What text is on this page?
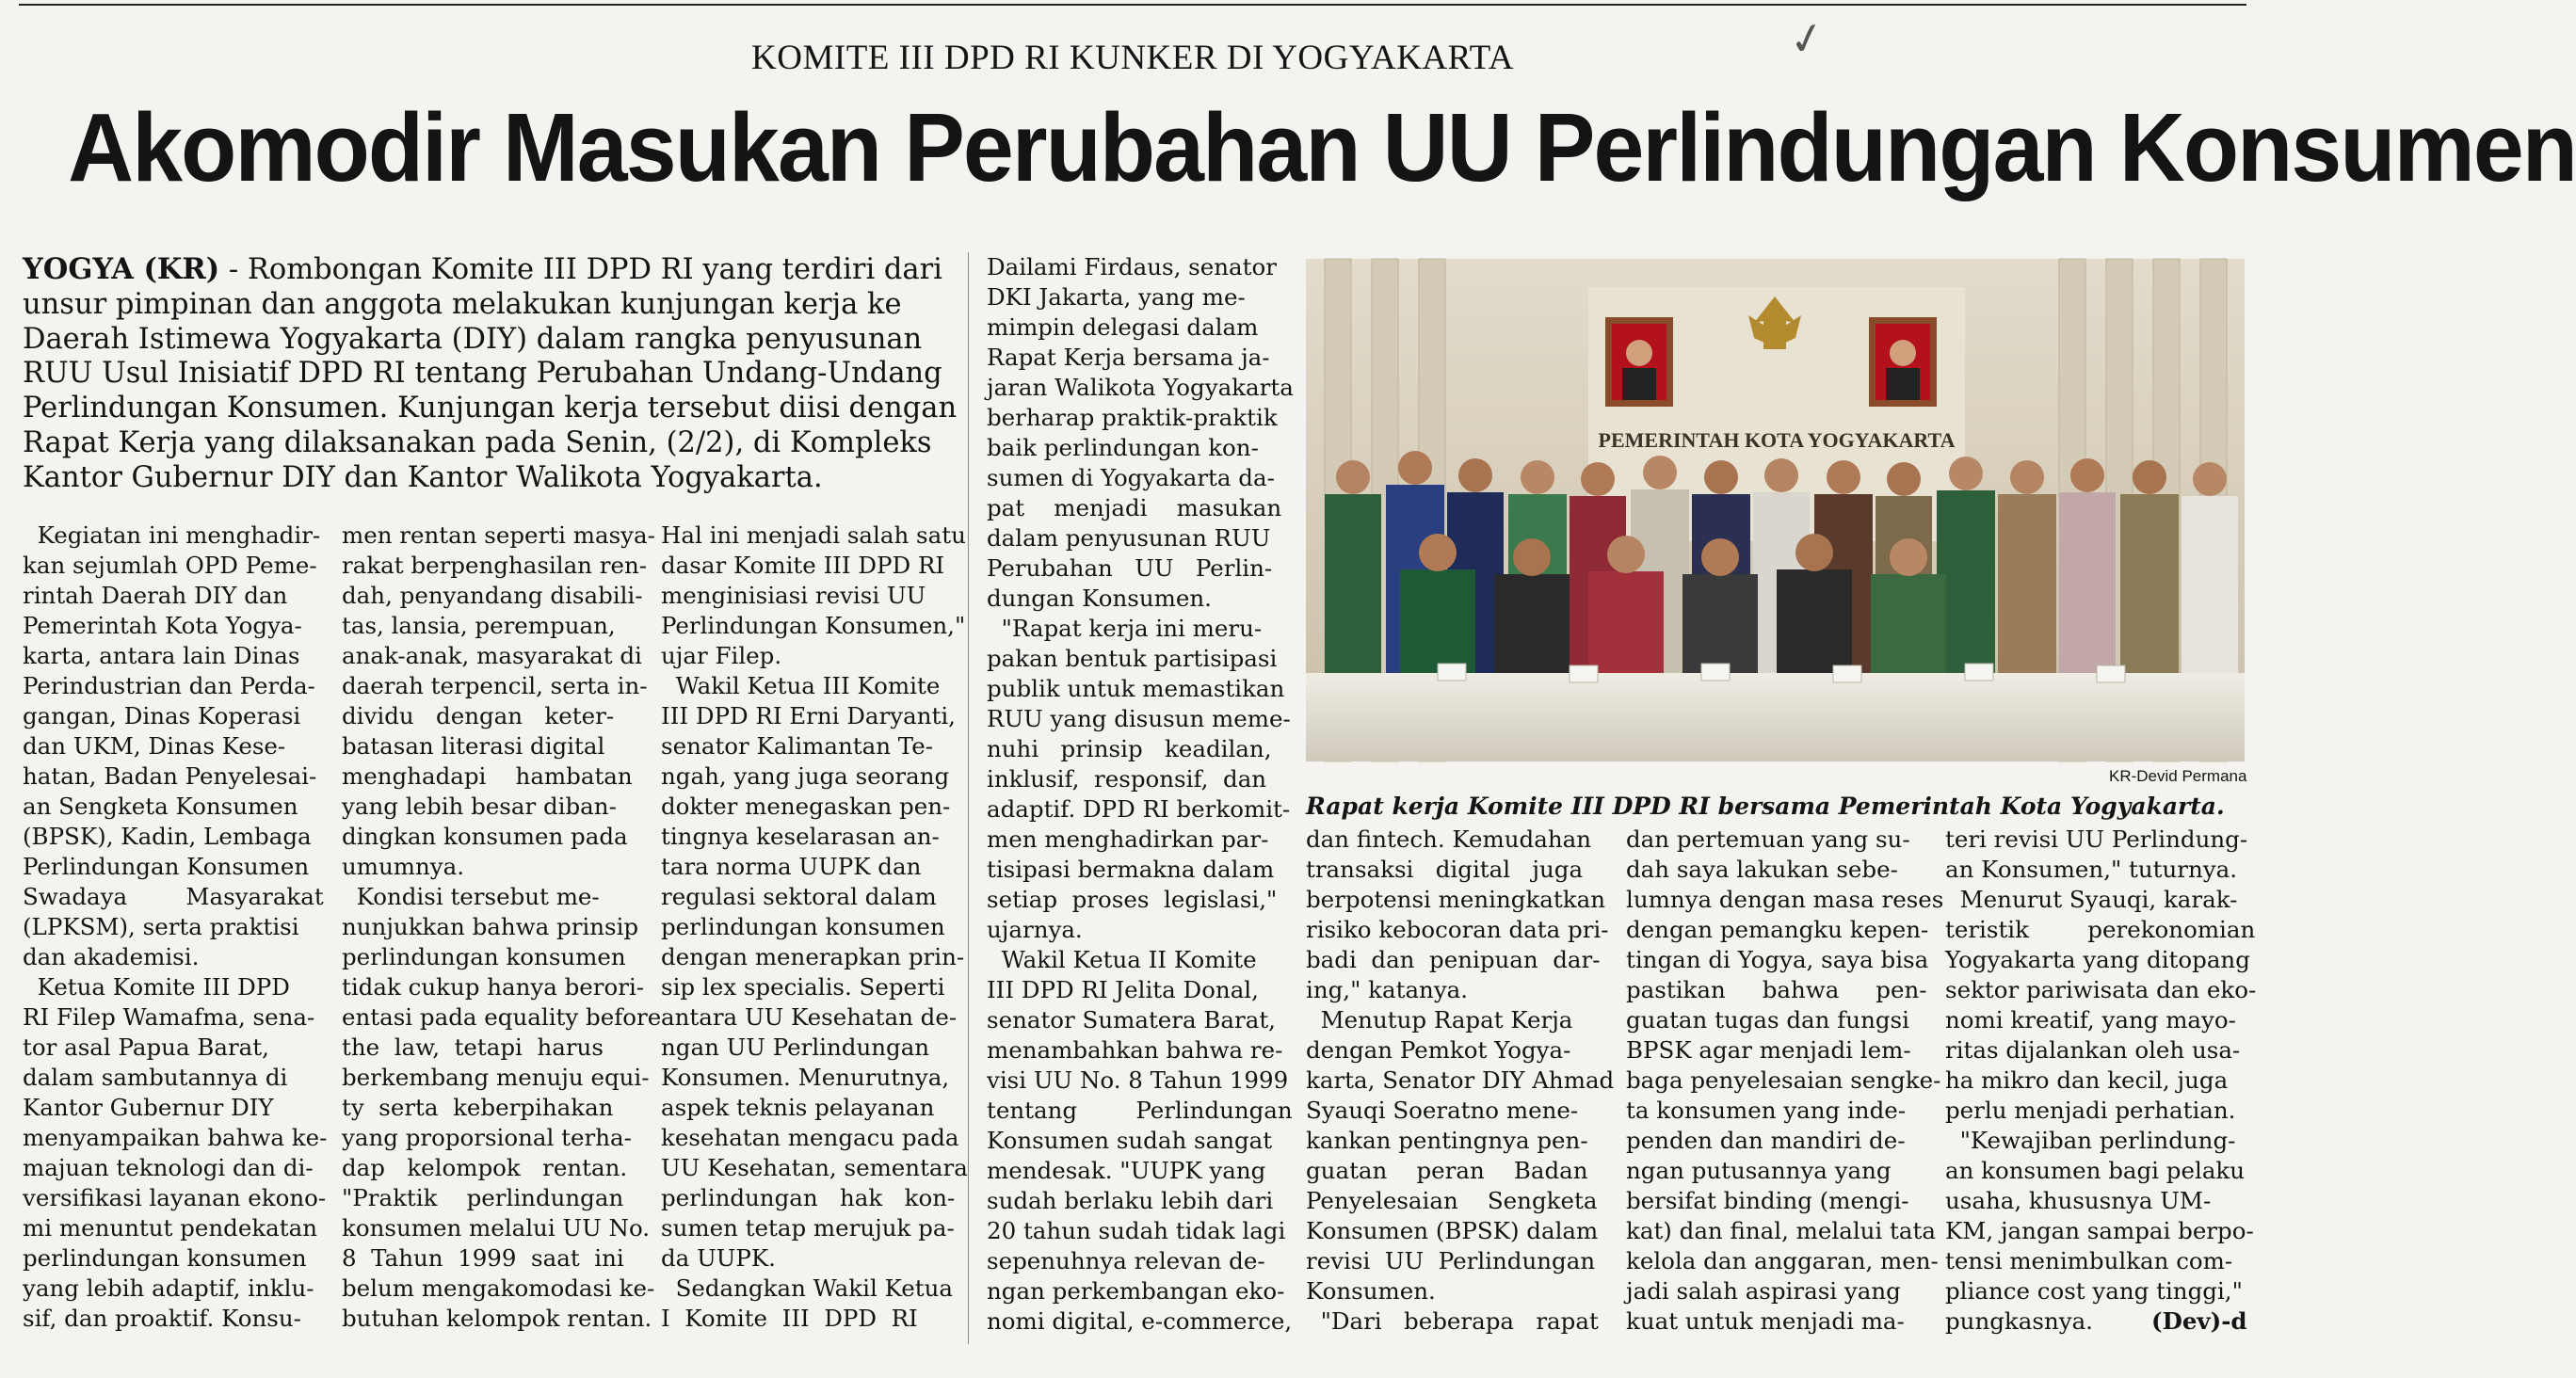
✓
KOMITE III DPD RI KUNKER DI YOGYAKARTA
Akomodir Masukan Perubahan UU Perlindungan Konsumen
YOGYA (KR) - Rombongan Komite III DPD RI yang terdiri dari
unsur pimpinan dan anggota melakukan kunjungan kerja ke
Daerah Istimewa Yogyakarta (DIY) dalam rangka penyusunan
RUU Usul Inisiatif DPD RI tentang Perubahan Undang-Undang
Perlindungan Konsumen. Kunjungan kerja tersebut diisi dengan
Rapat Kerja yang dilaksanakan pada Senin, (2/2), di Kompleks
Kantor Gubernur DIY dan Kantor Walikota Yogyakarta.
Kegiatan ini menghadir-
kan sejumlah OPD Peme-
rintah Daerah DIY dan
Pemerintah Kota Yogya-
karta, antara lain Dinas
Perindustrian dan Perda-
gangan, Dinas Koperasi
dan UKM, Dinas Kese-
hatan, Badan Penyelesai-
an Sengketa Konsumen
(BPSK), Kadin, Lembaga
Perlindungan Konsumen
Swadaya        Masyarakat
(LPKSM), serta praktisi
dan akademisi.
Ketua Komite III DPD
RI Filep Wamafma, sena-
tor asal Papua Barat,
dalam sambutannya di
Kantor Gubernur DIY
menyampaikan bahwa ke-
majuan teknologi dan di-
versifikasi layanan ekono-
mi menuntut pendekatan
perlindungan konsumen
yang lebih adaptif, inklu-
sif, dan proaktif. Konsu-
men rentan seperti masya-
rakat berpenghasilan ren-
dah, penyandang disabili-
tas, lansia, perempuan,
anak-anak, masyarakat di
daerah terpencil, serta in-
dividu   dengan   keter-
batasan literasi digital
menghadapi    hambatan
yang lebih besar diban-
dingkan konsumen pada
umumnya.
Kondisi tersebut me-
nunjukkan bahwa prinsip
perlindungan konsumen
tidak cukup hanya berori-
entasi pada equality before
the  law,  tetapi  harus
berkembang menuju equi-
ty  serta  keberpihakan
yang proporsional terha-
dap   kelompok   rentan.
"Praktik    perlindungan
konsumen melalui UU No.
8  Tahun  1999  saat  ini
belum mengakomodasi ke-
butuhan kelompok rentan.
Hal ini menjadi salah satu
dasar Komite III DPD RI
menginisiasi revisi UU
Perlindungan Konsumen,"
ujar Filep.
Wakil Ketua III Komite
III DPD RI Erni Daryanti,
senator Kalimantan Te-
ngah, yang juga seorang
dokter menegaskan pen-
tingnya keselarasan an-
tara norma UUPK dan
regulasi sektoral dalam
perlindungan konsumen
dengan menerapkan prin-
sip lex specialis. Seperti
antara UU Kesehatan de-
ngan UU Perlindungan
Konsumen. Menurutnya,
aspek teknis pelayanan
kesehatan mengacu pada
UU Kesehatan, sementara
perlindungan   hak   kon-
sumen tetap merujuk pa-
da UUPK.
Sedangkan Wakil Ketua
I  Komite  III  DPD  RI
Dailami Firdaus, senator
DKI Jakarta, yang me-
mimpin delegasi dalam
Rapat Kerja bersama ja-
jaran Walikota Yogyakarta
berharap praktik-praktik
baik perlindungan kon-
sumen di Yogyakarta da-
pat    menjadi    masukan
dalam penyusunan RUU
Perubahan   UU   Perlin-
dungan Konsumen.
"Rapat kerja ini meru-
pakan bentuk partisipasi
publik untuk memastikan
RUU yang disusun meme-
nuhi   prinsip   keadilan,
inklusif,  responsif,  dan
adaptif. DPD RI berkomit-
men menghadirkan par-
tisipasi bermakna dalam
setiap  proses  legislasi,"
ujarnya.
Wakil Ketua II Komite
III DPD RI Jelita Donal,
senator Sumatera Barat,
menambahkan bahwa re-
visi UU No. 8 Tahun 1999
tentang        Perlindungan
Konsumen sudah sangat
mendesak. "UUPK yang
sudah berlaku lebih dari
20 tahun sudah tidak lagi
sepenuhnya relevan de-
ngan perkembangan eko-
nomi digital, e-commerce,
dan fintech. Kemudahan
transaksi   digital   juga
berpotensi meningkatkan
risiko kebocoran data pri-
badi  dan  penipuan  dar-
ing," katanya.
Menutup Rapat Kerja
dengan Pemkot Yogya-
karta, Senator DIY Ahmad
Syauqi Soeratno mene-
kankan pentingnya pen-
guatan    peran    Badan
Penyelesaian    Sengketa
Konsumen (BPSK) dalam
revisi  UU  Perlindungan
Konsumen.
"Dari   beberapa   rapat
dan pertemuan yang su-
dah saya lakukan sebe-
lumnya dengan masa reses
dengan pemangku kepen-
tingan di Yogya, saya bisa
pastikan     bahwa     pen-
guatan tugas dan fungsi
BPSK agar menjadi lem-
baga penyelesaian sengke-
ta konsumen yang inde-
penden dan mandiri de-
ngan putusannya yang
bersifat binding (mengi-
kat) dan final, melalui tata
kelola dan anggaran, men-
jadi salah aspirasi yang
kuat untuk menjadi ma-
teri revisi UU Perlindung-
an Konsumen," tuturnya.
Menurut Syauqi, karak-
teristik        perekonomian
Yogyakarta yang ditopang
sektor pariwisata dan eko-
nomi kreatif, yang mayo-
ritas dijalankan oleh usa-
ha mikro dan kecil, juga
perlu menjadi perhatian.
"Kewajiban perlindung-
an konsumen bagi pelaku
usaha, khususnya UM-
KM, jangan sampai berpo-
tensi menimbulkan com-
pliance cost yang tinggi,"
pungkasnya.	(Dev)-d
PEMERINTAH KOTA YOGYAKARTA
KR-Devid Permana
Rapat kerja Komite III DPD RI bersama Pemerintah Kota Yogyakarta.
